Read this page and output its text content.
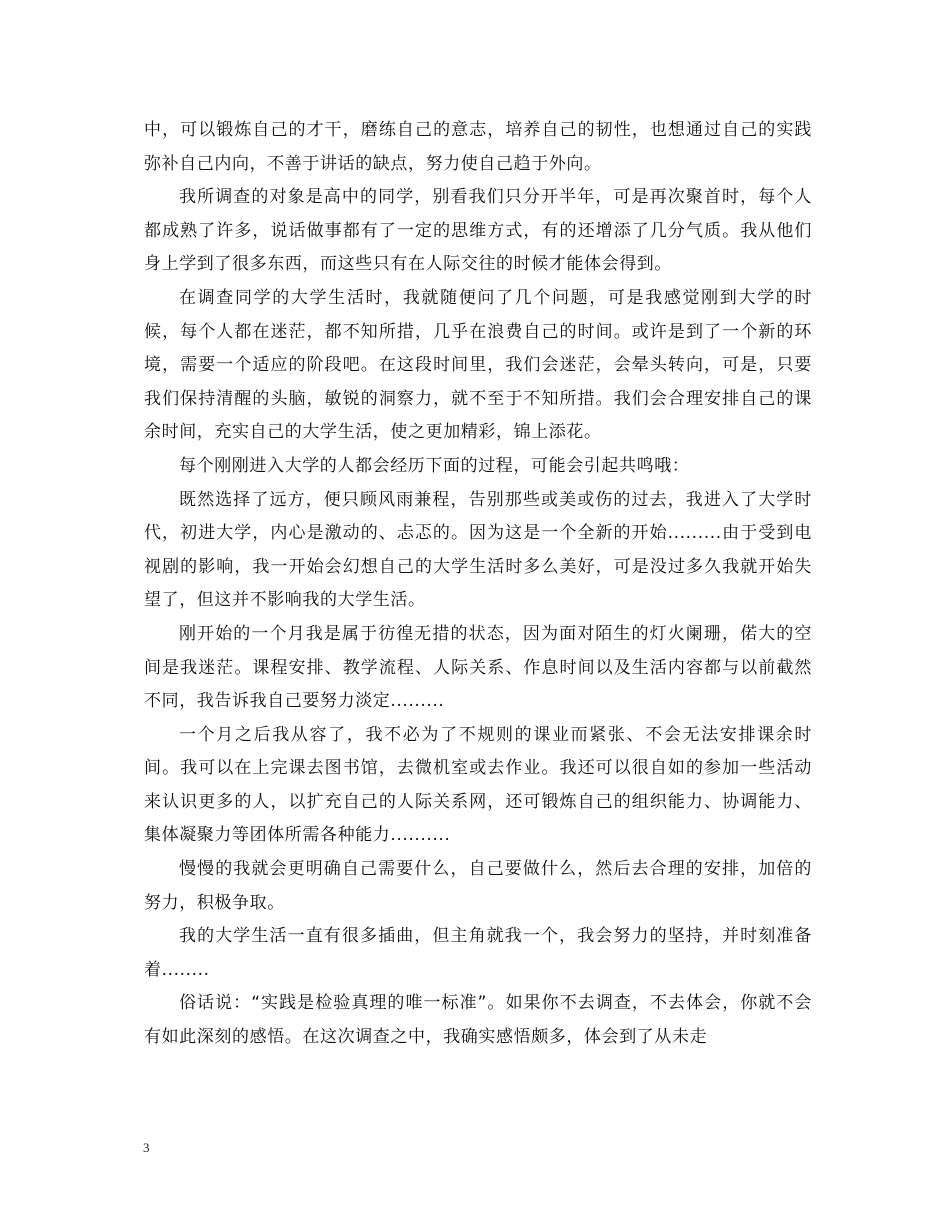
中，可以锻炼自己的才干，磨练自己的意志，培养自己的韧性，也想通过自己的实践弥补自己内向，不善于讲话的缺点，努力使自己趋于外向。

我所调查的对象是高中的同学，别看我们只分开半年，可是再次聚首时，每个人都成熟了许多，说话做事都有了一定的思维方式，有的还增添了几分气质。我从他们身上学到了很多东西，而这些只有在人际交往的时候才能体会得到。

在调查同学的大学生活时，我就随便问了几个问题，可是我感觉刚到大学的时候，每个人都在迷茫，都不知所措，几乎在浪费自己的时间。或许是到了一个新的环境，需要一个适应的阶段吧。在这段时间里，我们会迷茫，会晕头转向，可是，只要我们保持清醒的头脑，敏锐的洞察力，就不至于不知所措。我们会合理安排自己的课余时间，充实自己的大学生活，使之更加精彩，锦上添花。

每个刚刚进入大学的人都会经历下面的过程，可能会引起共鸣哦：

既然选择了远方，便只顾风雨兼程，告别那些或美或伤的过去，我进入了大学时代，初进大学，内心是激动的、忐忑的。因为这是一个全新的开始.........由于受到电视剧的影响，我一开始会幻想自己的大学生活时多么美好，可是没过多久我就开始失望了，但这并不影响我的大学生活。

刚开始的一个月我是属于彷徨无措的状态，因为面对陌生的灯火阑珊，偌大的空间是我迷茫。课程安排、教学流程、人际关系、作息时间以及生活内容都与以前截然不同，我告诉我自己要努力淡定.........

一个月之后我从容了，我不必为了不规则的课业而紧张、不会无法安排课余时间。我可以在上完课去图书馆，去微机室或去作业。我还可以很自如的参加一些活动来认识更多的人，以扩充自己的人际关系网，还可锻炼自己的组织能力、协调能力、集体凝聚力等团体所需各种能力..........

慢慢的我就会更明确自己需要什么，自己要做什么，然后去合理的安排，加倍的努力，积极争取。

我的大学生活一直有很多插曲，但主角就我一个，我会努力的坚持，并时刻准备着........

俗话说：“实践是检验真理的唯一标准”。如果你不去调查，不去体会，你就不会有如此深刻的感悟。在这次调查之中，我确实感悟颇多，体会到了从未走

3
